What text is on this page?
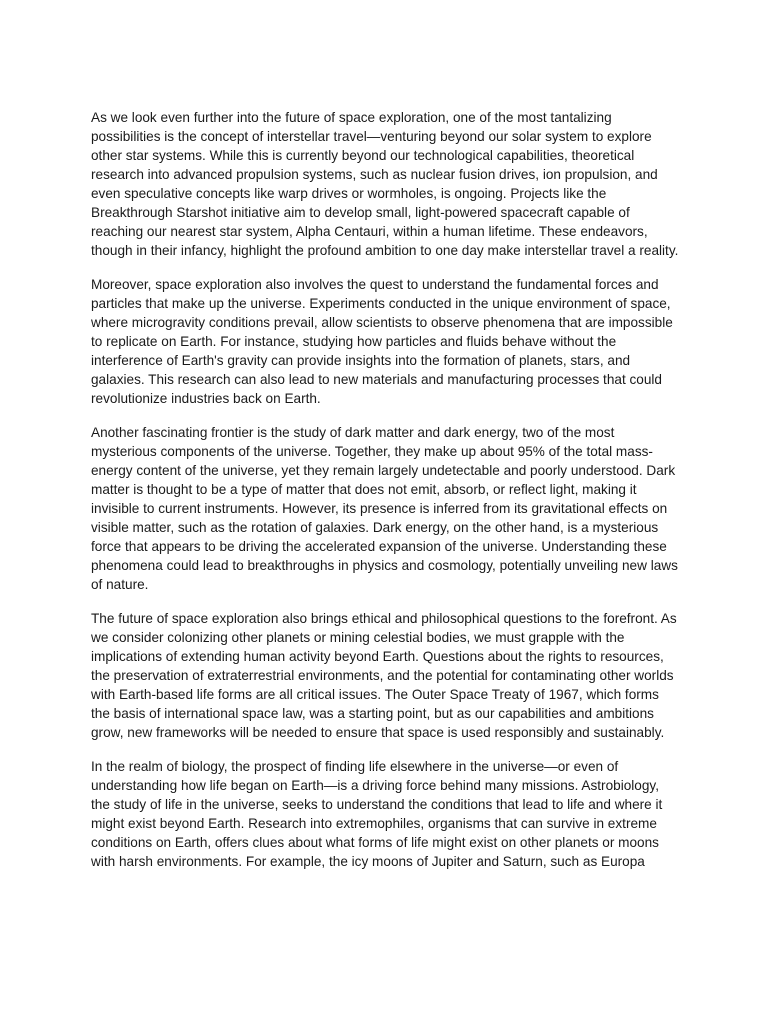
As we look even further into the future of space exploration, one of the most tantalizing possibilities is the concept of interstellar travel—venturing beyond our solar system to explore other star systems. While this is currently beyond our technological capabilities, theoretical research into advanced propulsion systems, such as nuclear fusion drives, ion propulsion, and even speculative concepts like warp drives or wormholes, is ongoing. Projects like the Breakthrough Starshot initiative aim to develop small, light-powered spacecraft capable of reaching our nearest star system, Alpha Centauri, within a human lifetime. These endeavors, though in their infancy, highlight the profound ambition to one day make interstellar travel a reality.

Moreover, space exploration also involves the quest to understand the fundamental forces and particles that make up the universe. Experiments conducted in the unique environment of space, where microgravity conditions prevail, allow scientists to observe phenomena that are impossible to replicate on Earth. For instance, studying how particles and fluids behave without the interference of Earth's gravity can provide insights into the formation of planets, stars, and galaxies. This research can also lead to new materials and manufacturing processes that could revolutionize industries back on Earth.

Another fascinating frontier is the study of dark matter and dark energy, two of the most mysterious components of the universe. Together, they make up about 95% of the total mass-energy content of the universe, yet they remain largely undetectable and poorly understood. Dark matter is thought to be a type of matter that does not emit, absorb, or reflect light, making it invisible to current instruments. However, its presence is inferred from its gravitational effects on visible matter, such as the rotation of galaxies. Dark energy, on the other hand, is a mysterious force that appears to be driving the accelerated expansion of the universe. Understanding these phenomena could lead to breakthroughs in physics and cosmology, potentially unveiling new laws of nature.

The future of space exploration also brings ethical and philosophical questions to the forefront. As we consider colonizing other planets or mining celestial bodies, we must grapple with the implications of extending human activity beyond Earth. Questions about the rights to resources, the preservation of extraterrestrial environments, and the potential for contaminating other worlds with Earth-based life forms are all critical issues. The Outer Space Treaty of 1967, which forms the basis of international space law, was a starting point, but as our capabilities and ambitions grow, new frameworks will be needed to ensure that space is used responsibly and sustainably.

In the realm of biology, the prospect of finding life elsewhere in the universe—or even of understanding how life began on Earth—is a driving force behind many missions. Astrobiology, the study of life in the universe, seeks to understand the conditions that lead to life and where it might exist beyond Earth. Research into extremophiles, organisms that can survive in extreme conditions on Earth, offers clues about what forms of life might exist on other planets or moons with harsh environments. For example, the icy moons of Jupiter and Saturn, such as Europa
